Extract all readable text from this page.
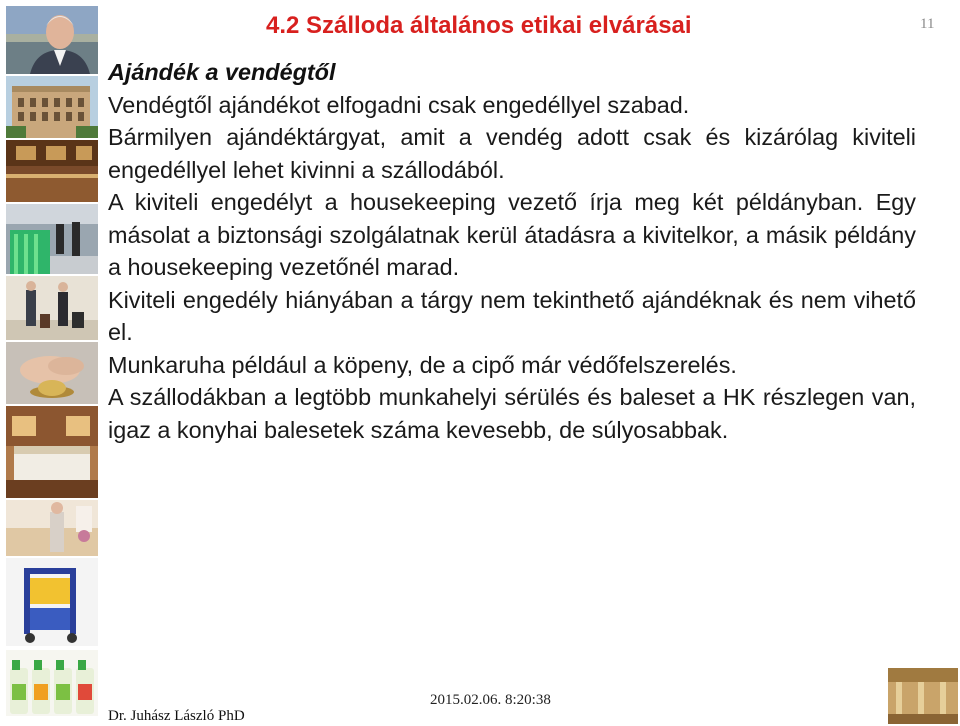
4.2 Szálloda általános etikai elvárásai	11

Ajándék a vendégtől

Vendégtől ajándékot elfogadni csak engedéllyel szabad.

Bármilyen ajándéktárgyat, amit a vendég adott csak és kizárólag kiviteli engedéllyel lehet kivinni a szállodából.

A kiviteli engedélyt a housekeeping vezető írja meg két példányban. Egy másolat a biztonsági szolgálatnak kerül átadásra a kivitelkor, a másik példány a housekeeping vezetőnél marad.

Kiviteli engedély hiányában a tárgy nem tekinthető ajándéknak és nem vihető el.

Munkaruha például a köpeny, de a cipő már védőfelszerelés.

A szállodákban a legtöbb munkahelyi sérülés és baleset a HK részlegen van, igaz a konyhai balesetek száma kevesebb, de súlyosabbak.

2015.02.06. 8:20:38
Dr. Juhász László PhD
